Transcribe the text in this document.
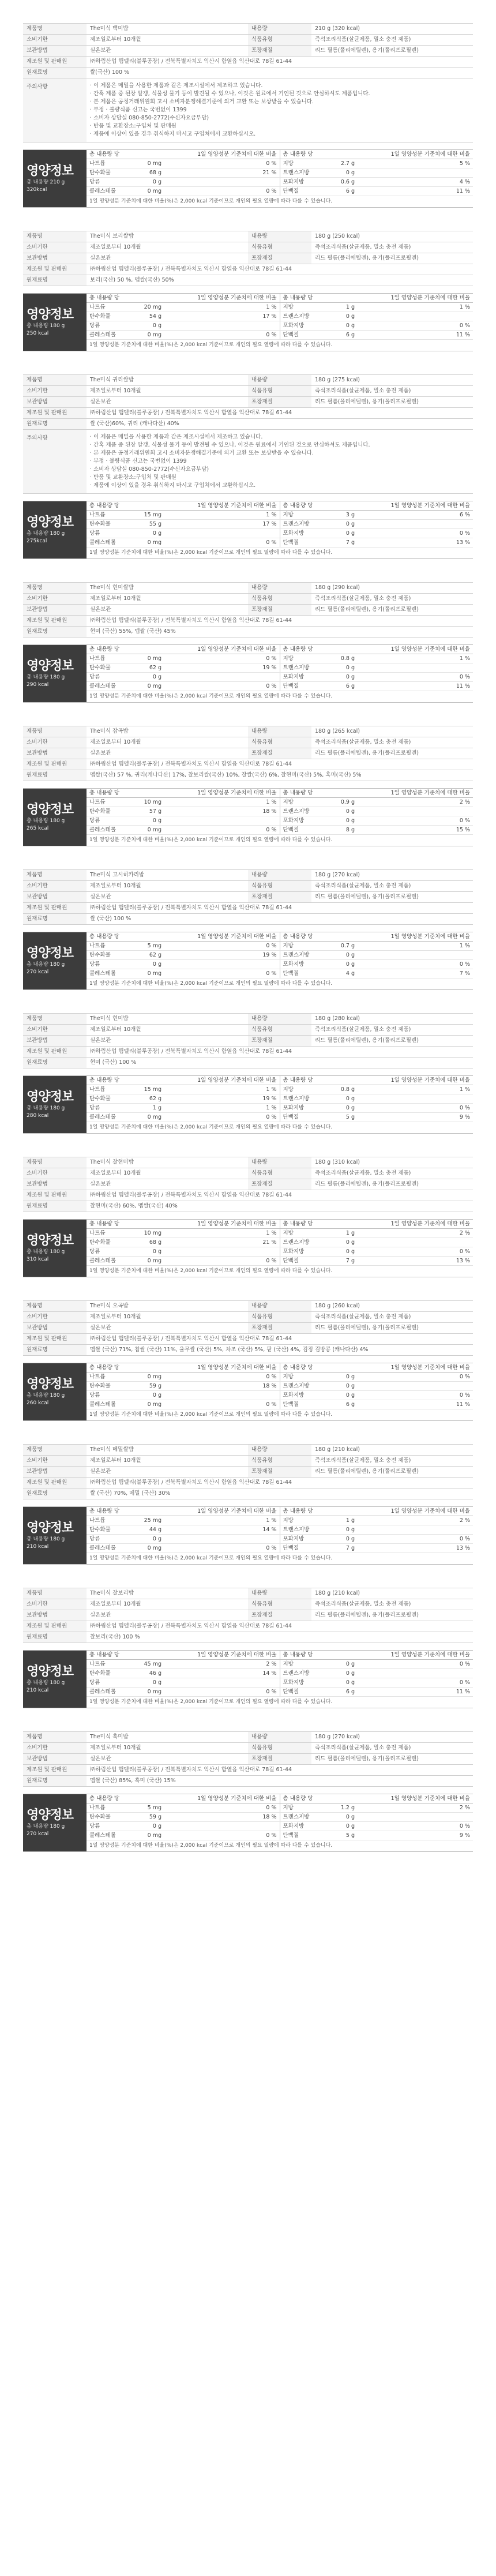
제품명	The미식 백미밥	내용량	210 g (320 kcal)
소비기한	제조일로부터 10개월	식품유형	즉석조리식품(살균제품, 밀소 충전 제품)
보관방법	실온보관	포장재질	리드 필름(폴리에틸렌), 용기(폴리프로필렌)
제조원 및 판매원	㈜하림산업 햄델리(블루공장) / 전북특별자치도 익산시 함열읍 익산대로 78길 61-44		
원재료명	쌀(국산) 100 %		
주의사항	
·이 제품은 메밀을 사용한 제품과 같은 제조시설에서 제조하고 있습니다.
· 간혹 제품 중 된장 알갱, 식물성 물기 등이 발견될 수 있으나, 이것은 원료에서 기인된 것으로 안심하셔도 제품입니다.
· 본 제품은 공정거래위원회 고시 소비자분쟁해결기준에 의거 교환 또는 보상받을 수 있습니다.
· 부정 · 불량식품 신고는 국번없이 1399
· 소비자 상담실 080-850-2772(수신자요금부담)
· 반품 및 교환장소:구입처 및 판매원
· 제품에 이상이 있을 경우 취식하지 마시고 구입처에서 교환하십시오.
영양정보
총 내용량 210 g
320kcal
총 내용량 당		1일 영양성분 기준치에 대한 비율	총 내용량 당		1일 영양성분 기준치에 대한 비율
나트륨	0 mg	0 %	지방	2.7 g	5 %
탄수화물	68 g	21 %	트랜스지방	0 g	
당류	0 g		포화지방	0.6 g	4 %
콜레스테롤	0 mg	0 %	단백질	6 g	11 %
1일 영양성분 기준치에 대한 비율(%)은 2,000 kcal 기준이므로 개인의 필요 열량에 따라 다를 수 있습니다.
제품명	The미식 보리쌀밥	내용량	180 g (250 kcal)
소비기한	제조일로부터 10개월	식품유형	즉석조리식품(살균제품, 밀소 충전 제품)
보관방법	실온보관	포장재질	리드 필름(폴리에틸렌), 용기(폴리프로필렌)
제조원 및 판매원	㈜하림산업 햄델리(블루공장) / 전북특별자치도 익산시 함열읍 익산대로 78길 61-44		
원재료명	보리(국산) 50 %, 멥쌀(국산) 50%		
영양정보
총 내용량 180 g
250 kcal
총 내용량 당		1일 영양성분 기준치에 대한 비율	총 내용량 당		1일 영양성분 기준치에 대한 비율
나트륨	20 mg	1 %	지방	1 g	1 %
탄수화물	54 g	17 %	트랜스지방	0 g	
당류	0 g		포화지방	0 g	0 %
콜레스테롤	0 mg	0 %	단백질	6 g	11 %
1일 영양성분 기준치에 대한 비율(%)은 2,000 kcal 기준이므로 개인의 필요 열량에 따라 다를 수 있습니다.
제품명	The미식 귀리쌀밥	내용량	180 g (275 kcal)
소비기한	제조일로부터 10개월	식품유형	즉석조리식품(살균제품, 밀소 충전 제품)
보관방법	실온보관	포장재질	리드 필름(폴리에틸렌), 용기(폴리프로필렌)
제조원 및 판매원	㈜하림산업 햄델리(블루공장) / 전북특별자치도 익산시 함열읍 익산대로 78길 61-44		
원재료명	쌀 (국산)60%, 귀리 (캐나다산) 40%		
주의사항	
·이 제품은 메밀을 사용한 제품과 같은 제조시설에서 제조하고 있습니다.
· 간혹 제품 중 된장 알갱, 식물성 물기 등이 발견될 수 있으나, 이것은 원료에서 기인된 것으로 안심하셔도 제품입니다.
· 본 제품은 공정거래위원회 고시 소비자분쟁해결기준에 의거 교환 또는 보상받을 수 있습니다.
· 부정 · 불량식품 신고는 국번없이 1399
· 소비자 상담실 080-850-2772(수신자요금부담)
· 반품 및 교환장소:구입처 및 판매원
· 제품에 이상이 있을 경우 취식하지 마시고 구입처에서 교환하십시오.
영양정보
총 내용량 180 g
275kcal
총 내용량 당		1일 영양성분 기준치에 대한 비율	총 내용량 당		1일 영양성분 기준치에 대한 비율
나트륨	15 mg	1 %	지방	3 g	6 %
탄수화물	55 g	17 %	트랜스지방	0 g	
당류	0 g		포화지방	0 g	0 %
콜레스테롤	0 mg	0 %	단백질	7 g	13 %
1일 영양성분 기준치에 대한 비율(%)은 2,000 kcal 기준이므로 개인의 필요 열량에 따라 다를 수 있습니다.
제품명	The미식 현미쌀밥	내용량	180 g (290 kcal)
소비기한	제조일로부터 10개월	식품유형	즉석조리식품(살균제품, 밀소 충전 제품)
보관방법	실온보관	포장재질	리드 필름(폴리에틸렌), 용기(폴리프로필렌)
제조원 및 판매원	㈜하림산업 햄델리(블루공장) / 전북특별자치도 익산시 함열읍 익산대로 78길 61-44		
원재료명	현미 (국산) 55%, 멥쌀 (국산) 45%		
영양정보
총 내용량 180 g
290 kcal
총 내용량 당		1일 영양성분 기준치에 대한 비율	총 내용량 당		1일 영양성분 기준치에 대한 비율
나트륨	0 mg	0 %	지방	0.8 g	1 %
탄수화물	62 g	19 %	트랜스지방	0 g	
당류	0 g		포화지방	0 g	0 %
콜레스테롤	0 mg	0 %	단백질	6 g	11 %
1일 영양성분 기준치에 대한 비율(%)은 2,000 kcal 기준이므로 개인의 필요 열량에 따라 다를 수 있습니다.
제품명	The미식 잡곡밥	내용량	180 g (265 kcal)
소비기한	제조일로부터 10개월	식품유형	즉석조리식품(살균제품, 밀소 충전 제품)
보관방법	실온보관	포장재질	리드 필름(폴리에틸렌), 용기(폴리프로필렌)
제조원 및 판매원	㈜하림산업 햄델리(블루공장) / 전북특별자치도 익산시 함열읍 익산대로 78길 61-44		
원재료명	멥쌀(국산) 57 %, 귀리(캐나다산) 17%, 찰보리쌀(국산) 10%, 찰쌀(국산) 6%, 찰현미(국산) 5%, 흑미(국산) 5%		
영양정보
총 내용량 180 g
265 kcal
총 내용량 당		1일 영양성분 기준치에 대한 비율	총 내용량 당		1일 영양성분 기준치에 대한 비율
나트륨	10 mg	1 %	지방	0.9 g	2 %
탄수화물	57 g	18 %	트랜스지방	0 g	
당류	0 g		포화지방	0 g	0 %
콜레스테롤	0 mg	0 %	단백질	8 g	15 %
1일 영양성분 기준치에 대한 비율(%)은 2,000 kcal 기준이므로 개인의 필요 열량에 따라 다를 수 있습니다.
제품명	The미식 고시히카리밥	내용량	180 g (270 kcal)
소비기한	제조일로부터 10개월	식품유형	즉석조리식품(살균제품, 밀소 충전 제품)
보관방법	실온보관	포장재질	리드 필름(폴리에틸렌), 용기(폴리프로필렌)
제조원 및 판매원	㈜하림산업 햄델리(블루공장) / 전북특별자치도 익산시 함열읍 익산대로 78길 61-44		
원재료명	쌀 (국산) 100 %		
영양정보
총 내용량 180 g
270 kcal
총 내용량 당		1일 영양성분 기준치에 대한 비율	총 내용량 당		1일 영양성분 기준치에 대한 비율
나트륨	5 mg	0 %	지방	0.7 g	1 %
탄수화물	62 g	19 %	트랜스지방	0 g	
당류	0 g		포화지방	0 g	0 %
콜레스테롤	0 mg	0 %	단백질	4 g	7 %
1일 영양성분 기준치에 대한 비율(%)은 2,000 kcal 기준이므로 개인의 필요 열량에 따라 다를 수 있습니다.
제품명	The미식 현미밥	내용량	180 g (280 kcal)
소비기한	제조일로부터 10개월	식품유형	즉석조리식품(살균제품, 밀소 충전 제품)
보관방법	실온보관	포장재질	리드 필름(폴리에틸렌), 용기(폴리프로필렌)
제조원 및 판매원	㈜하림산업 햄델리(블루공장) / 전북특별자치도 익산시 함열읍 익산대로 78길 61-44		
원재료명	현미 (국산) 100 %		
영양정보
총 내용량 180 g
280 kcal
총 내용량 당		1일 영양성분 기준치에 대한 비율	총 내용량 당		1일 영양성분 기준치에 대한 비율
나트륨	15 mg	1 %	지방	0.8 g	1 %
탄수화물	62 g	19 %	트랜스지방	0 g	
당류	1 g	1 %	포화지방	0 g	0 %
콜레스테롤	0 mg	0 %	단백질	5 g	9 %
1일 영양성분 기준치에 대한 비율(%)은 2,000 kcal 기준이므로 개인의 필요 열량에 따라 다를 수 있습니다.
제품명	The미식 찰현미밥	내용량	180 g (310 kcal)
소비기한	제조일로부터 10개월	식품유형	즉석조리식품(살균제품, 밀소 충전 제품)
보관방법	실온보관	포장재질	리드 필름(폴리에틸렌), 용기(폴리프로필렌)
제조원 및 판매원	㈜하림산업 햄델리(블루공장) / 전북특별자치도 익산시 함열읍 익산대로 78길 61-44		
원재료명	찰현미(국산) 60%, 멥쌀(국산) 40%		
영양정보
총 내용량 180 g
310 kcal
총 내용량 당		1일 영양성분 기준치에 대한 비율	총 내용량 당		1일 영양성분 기준치에 대한 비율
나트륨	10 mg	1 %	지방	1 g	2 %
탄수화물	68 g	21 %	트랜스지방	0 g	
당류	0 g		포화지방	0 g	0 %
콜레스테롤	0 mg	0 %	단백질	7 g	13 %
1일 영양성분 기준치에 대한 비율(%)은 2,000 kcal 기준이므로 개인의 필요 열량에 따라 다를 수 있습니다.
제품명	The미식 오곡밥	내용량	180 g (260 kcal)
소비기한	제조일로부터 10개월	식품유형	즉석조리식품(살균제품, 밀소 충전 제품)
보관방법	실온보관	포장재질	리드 필름(폴리에틸렌), 용기(폴리프로필렌)
제조원 및 판매원	㈜하림산업 햄델리(블루공장) / 전북특별자치도 익산시 함열읍 익산대로 78길 61-44		
원재료명	멥쌀 (국산) 71%, 찹쌀 (국산) 11%, 율무쌀 (국산) 5%, 차조 (국산) 5%, 팥 (국산) 4%, 검정 검방콩 (캐나다산) 4%		
영양정보
총 내용량 180 g
260 kcal
총 내용량 당		1일 영양성분 기준치에 대한 비율	총 내용량 당		1일 영양성분 기준치에 대한 비율
나트륨	0 mg	0 %	지방	0 g	0 %
탄수화물	59 g	18 %	트랜스지방	0 g	
당류	0 g		포화지방	0 g	0 %
콜레스테롤	0 mg	0 %	단백질	6 g	11 %
1일 영양성분 기준치에 대한 비율(%)은 2,000 kcal 기준이므로 개인의 필요 열량에 따라 다를 수 있습니다.
제품명	The미식 메밀쌀밥	내용량	180 g (210 kcal)
소비기한	제조일로부터 10개월	식품유형	즉석조리식품(살균제품, 밀소 충전 제품)
보관방법	실온보관	포장재질	리드 필름(폴리에틸렌), 용기(폴리프로필렌)
제조원 및 판매원	㈜하림산업 햄델리(블루공장) / 전북특별자치도 익산시 함열읍 익산대로 78길 61-44		
원재료명	쌀 (국산) 70%, 메밀 (국산) 30%		
영양정보
총 내용량 180 g
210 kcal
총 내용량 당		1일 영양성분 기준치에 대한 비율	총 내용량 당		1일 영양성분 기준치에 대한 비율
나트륨	25 mg	1 %	지방	1 g	2 %
탄수화물	44 g	14 %	트랜스지방	0 g	
당류	0 g		포화지방	0 g	0 %
콜레스테롤	0 mg	0 %	단백질	7 g	13 %
1일 영양성분 기준치에 대한 비율(%)은 2,000 kcal 기준이므로 개인의 필요 열량에 따라 다를 수 있습니다.
제품명	The미식 찰보리밥	내용량	180 g (210 kcal)
소비기한	제조일로부터 10개월	식품유형	즉석조리식품(살균제품, 밀소 충전 제품)
보관방법	실온보관	포장재질	리드 필름(폴리에틸렌), 용기(폴리프로필렌)
제조원 및 판매원	㈜하림산업 햄델리(블루공장) / 전북특별자치도 익산시 함열읍 익산대로 78길 61-44		
원재료명	찰보리(국산) 100 %		
영양정보
총 내용량 180 g
210 kcal
총 내용량 당		1일 영양성분 기준치에 대한 비율	총 내용량 당		1일 영양성분 기준치에 대한 비율
나트륨	45 mg	2 %	지방	0 g	0 %
탄수화물	46 g	14 %	트랜스지방	0 g	
당류	0 g		포화지방	0 g	0 %
콜레스테롤	0 mg	0 %	단백질	6 g	11 %
1일 영양성분 기준치에 대한 비율(%)은 2,000 kcal 기준이므로 개인의 필요 열량에 따라 다를 수 있습니다.
제품명	The미식 흑미밥	내용량	180 g (270 kcal)
소비기한	제조일로부터 10개월	식품유형	즉석조리식품(살균제품, 밀소 충전 제품)
보관방법	실온보관	포장재질	리드 필름(폴리에틸렌), 용기(폴리프로필렌)
제조원 및 판매원	㈜하림산업 햄델리(블루공장) / 전북특별자치도 익산시 함열읍 익산대로 78길 61-44		
원재료명	멥쌀 (국산) 85%, 흑미 (국산) 15%		
영양정보
총 내용량 180 g
270 kcal
총 내용량 당		1일 영양성분 기준치에 대한 비율	총 내용량 당		1일 영양성분 기준치에 대한 비율
나트륨	5 mg	0 %	지방	1.2 g	2 %
탄수화물	59 g	18 %	트랜스지방	0 g	
당류	0 g		포화지방	0 g	0 %
콜레스테롤	0 mg	0 %	단백질	5 g	9 %
1일 영양성분 기준치에 대한 비율(%)은 2,000 kcal 기준이므로 개인의 필요 열량에 따라 다를 수 있습니다.
